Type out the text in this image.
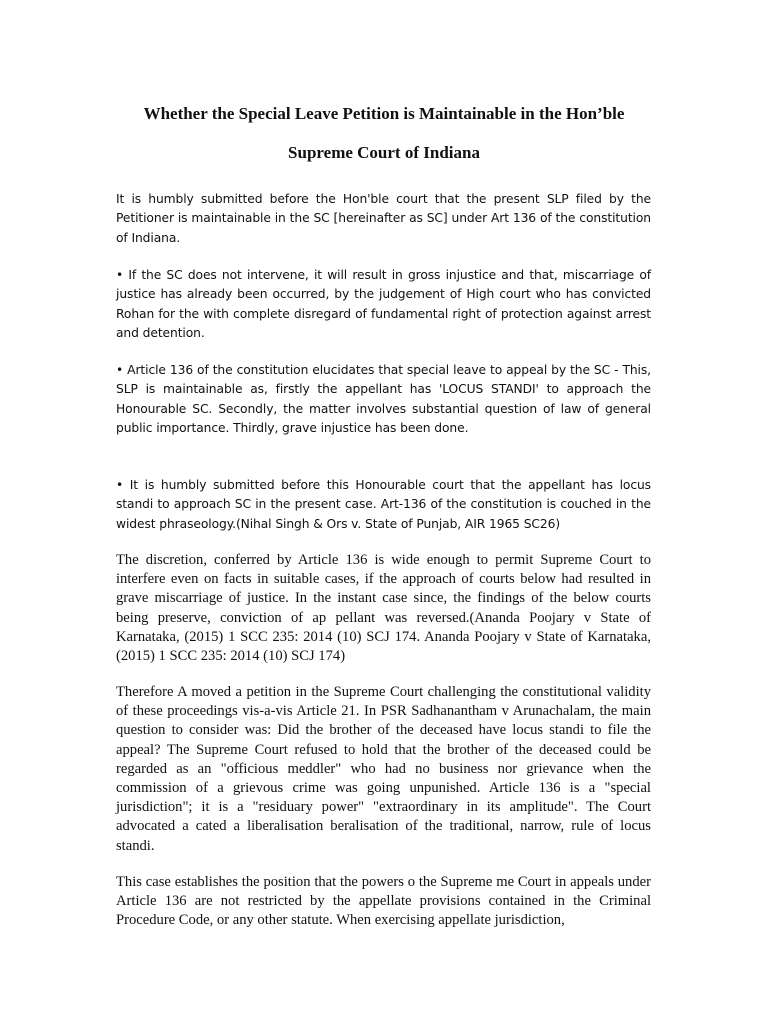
Whether the Special Leave Petition is Maintainable in the Hon’ble
Supreme Court of Indiana

It is humbly submitted before the Hon'ble court that the present SLP filed by the Petitioner is maintainable in the SC [hereinafter as SC] under Art 136 of the constitution of Indiana.

• If the SC does not intervene, it will result in gross injustice and that, miscarriage of justice has already been occurred, by the judgement of High court who has convicted Rohan for the with complete disregard of fundamental right of protection against arrest and detention.

• Article 136 of the constitution elucidates that special leave to appeal by the SC - This, SLP is maintainable as, firstly the appellant has 'LOCUS STANDI' to approach the Honourable SC. Secondly, the matter involves substantial question of law of general public importance. Thirdly, grave injustice has been done.

• It is humbly submitted before this Honourable court that the appellant has locus standi to approach SC in the present case. Art-136 of the constitution is couched in the widest phraseology.(Nihal Singh & Ors v. State of Punjab, AIR 1965 SC26)

The discretion, conferred by Article 136 is wide enough to permit Supreme Court to interfere even on facts in suitable cases, if the approach of courts below had resulted in grave miscarriage of justice. In the instant case since, the findings of the below courts being preserve, conviction of ap pellant was reversed.(Ananda Poojary v State of Karnataka, (2015) 1 SCC 235: 2014 (10) SCJ 174. Ananda Poojary v State of Karnataka, (2015) 1 SCC 235: 2014 (10) SCJ 174)

Therefore A moved a petition in the Supreme Court challenging the constitutional validity of these proceedings vis-a-vis Article 21. In PSR Sadhanantham v Arunachalam, the main question to consider was: Did the brother of the deceased have locus standi to file the appeal? The Supreme Court refused to hold that the brother of the deceased could be regarded as an "officious meddler" who had no business nor grievance when the commission of a grievous crime was going unpunished. Article 136 is a "special jurisdiction"; it is a "residuary power" "extraordinary in its amplitude". The Court advocated a cated a liberalisation beralisation of the traditional, narrow, rule of locus standi.

This case establishes the position that the powers o the Supreme me Court in appeals under Article 136 are not restricted by the appellate provisions contained in the Criminal Procedure Code, or any other statute. When exercising appellate jurisdiction,
